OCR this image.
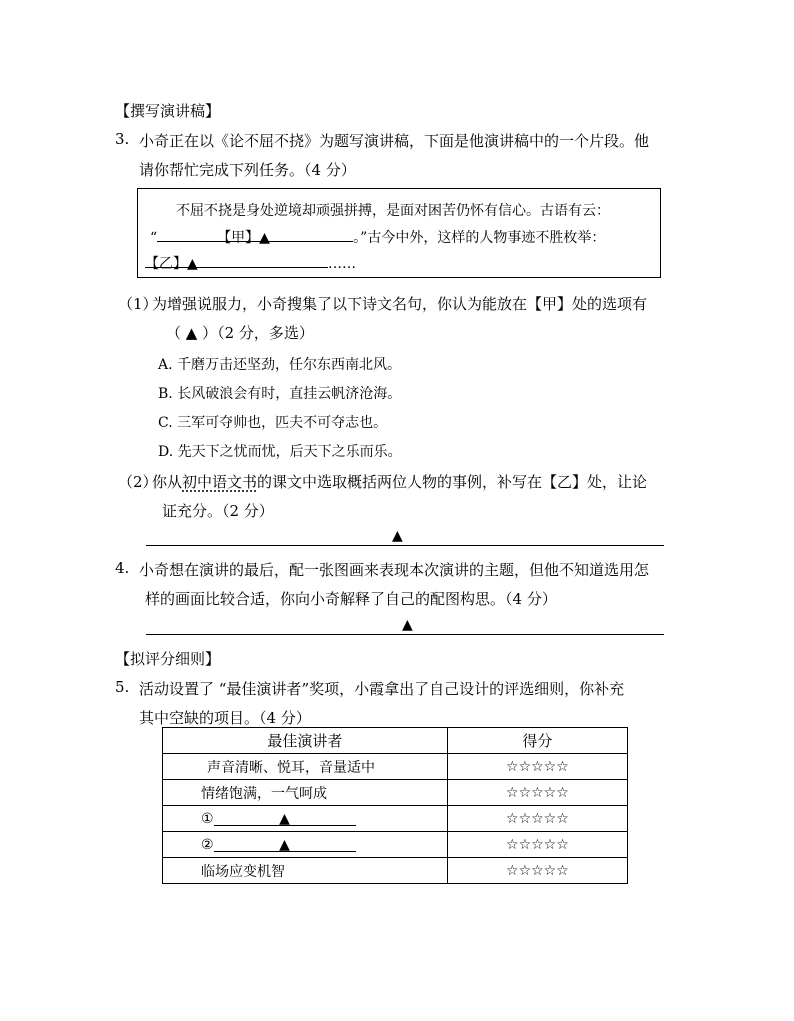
【撰写演讲稿】
3. 小奇正在以《论不屈不挠》为题写演讲稿，下面是他演讲稿中的一个片段。他
请你帮忙完成下列任务。（4 分）
不屈不挠是身处逆境却顽强拼搏，是面对困苦仍怀有信心。古语有云：
“	【甲】▲	。”古今中外，这样的人物事迹不胜枚举：
【乙】▲	……
（1）
为增强说服力，小奇搜集了以下诗文名句，你认为能放在【甲】处的选项有
（ ▲ ）（2 分，多选）
A. 千磨万击还坚劲，任尔东西南北风。
B. 长风破浪会有时，直挂云帆济沧海。
C. 三军可夺帅也，匹夫不可夺志也。
D. 先天下之忧而忧，后天下之乐而乐。
（2）
你从初中语文书的课文中选取概括两位人物的事例，补写在【乙】处，让论
证充分。（2 分）
▲
4. 小奇想在演讲的最后，配一张图画来表现本次演讲的主题，但他不知道选用怎
样的画面比较合适，你向小奇解释了自己的配图构思。（4 分）
▲
【拟评分细则】
5. 活动设置了 “最佳演讲者”奖项，小霞拿出了自己设计的评选细则，你补充
其中空缺的项目。（4 分）
最佳演讲者	得分
声音清晰、悦耳，音量适中	☆☆☆☆☆
情绪饱满，一气呵成	☆☆☆☆☆
① ▲	☆☆☆☆☆
② ▲	☆☆☆☆☆
临场应变机智	☆☆☆☆☆
